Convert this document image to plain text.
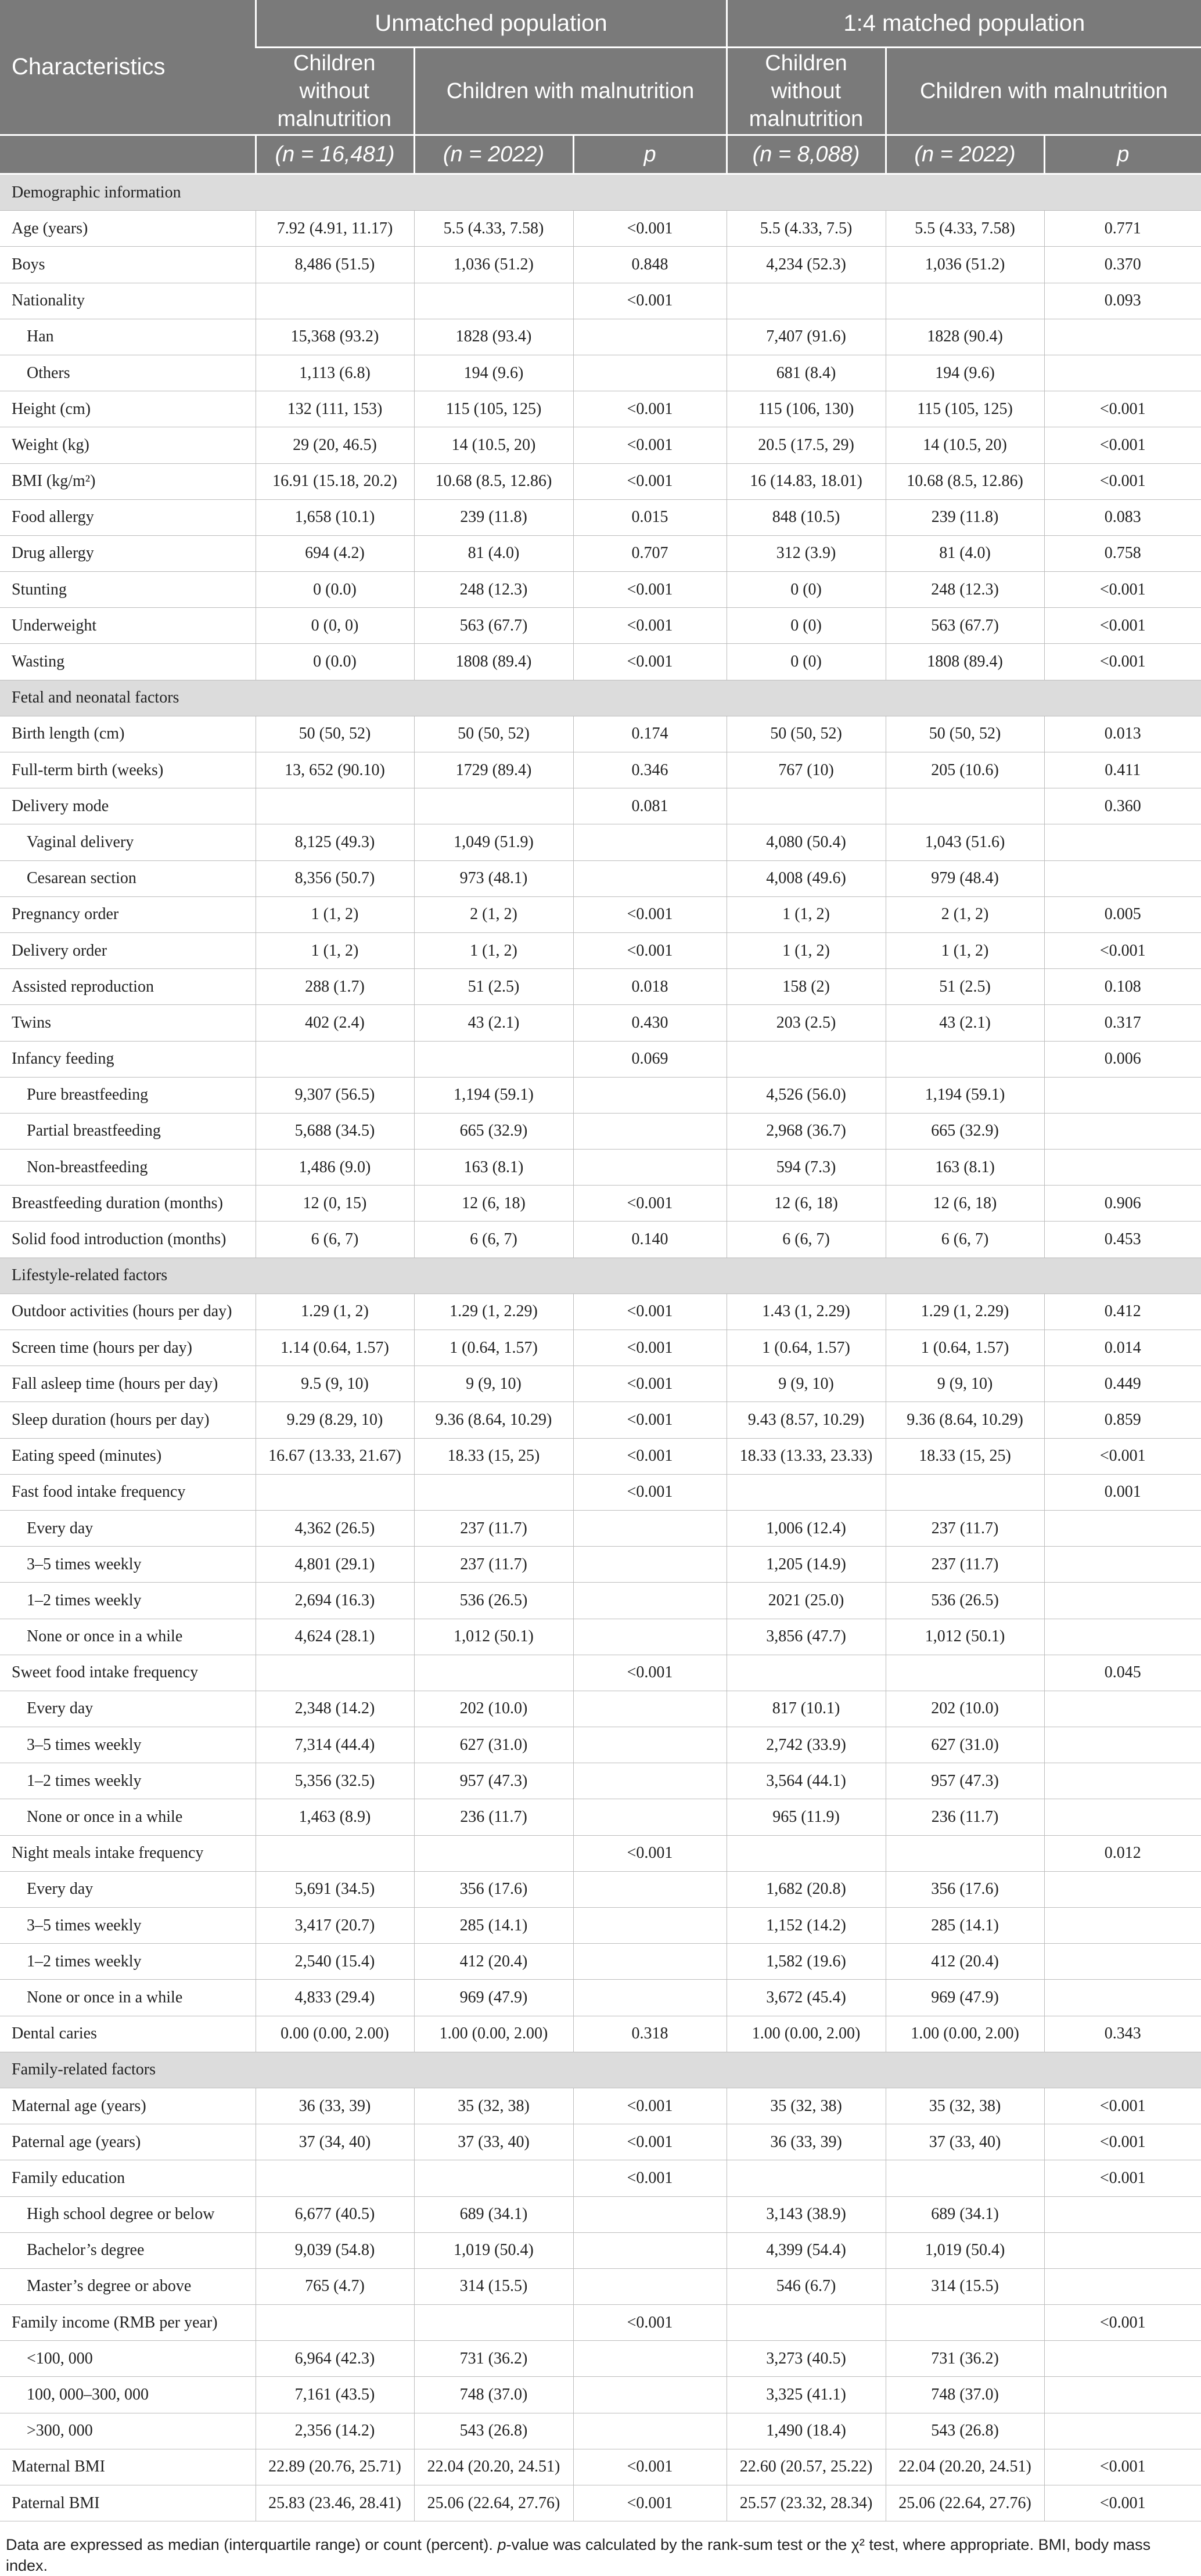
Characteristics	Unmatched population			1:4 matched population		
	Children without malnutrition	Children with malnutrition		Children without malnutrition	Children with malnutrition	
	(n = 16,481)	(n = 2022)	p	(n = 8,088)	(n = 2022)	p
Demographic information						
Age (years)	7.92 (4.91, 11.17)	5.5 (4.33, 7.58)	<0.001	5.5 (4.33, 7.5)	5.5 (4.33, 7.58)	0.771
Boys	8,486 (51.5)	1,036 (51.2)	0.848	4,234 (52.3)	1,036 (51.2)	0.370
Nationality			<0.001			0.093
Han	15,368 (93.2)	1828 (93.4)		7,407 (91.6)	1828 (90.4)	
Others	1,113 (6.8)	194 (9.6)		681 (8.4)	194 (9.6)	
Height (cm)	132 (111, 153)	115 (105, 125)	<0.001	115 (106, 130)	115 (105, 125)	<0.001
Weight (kg)	29 (20, 46.5)	14 (10.5, 20)	<0.001	20.5 (17.5, 29)	14 (10.5, 20)	<0.001
BMI (kg/m²)	16.91 (15.18, 20.2)	10.68 (8.5, 12.86)	<0.001	16 (14.83, 18.01)	10.68 (8.5, 12.86)	<0.001
Food allergy	1,658 (10.1)	239 (11.8)	0.015	848 (10.5)	239 (11.8)	0.083
Drug allergy	694 (4.2)	81 (4.0)	0.707	312 (3.9)	81 (4.0)	0.758
Stunting	0 (0.0)	248 (12.3)	<0.001	0 (0)	248 (12.3)	<0.001
Underweight	0 (0, 0)	563 (67.7)	<0.001	0 (0)	563 (67.7)	<0.001
Wasting	0 (0.0)	1808 (89.4)	<0.001	0 (0)	1808 (89.4)	<0.001
Fetal and neonatal factors						
Birth length (cm)	50 (50, 52)	50 (50, 52)	0.174	50 (50, 52)	50 (50, 52)	0.013
Full-term birth (weeks)	13, 652 (90.10)	1729 (89.4)	0.346	767 (10)	205 (10.6)	0.411
Delivery mode			0.081			0.360
Vaginal delivery	8,125 (49.3)	1,049 (51.9)		4,080 (50.4)	1,043 (51.6)	
Cesarean section	8,356 (50.7)	973 (48.1)		4,008 (49.6)	979 (48.4)	
Pregnancy order	1 (1, 2)	2 (1, 2)	<0.001	1 (1, 2)	2 (1, 2)	0.005
Delivery order	1 (1, 2)	1 (1, 2)	<0.001	1 (1, 2)	1 (1, 2)	<0.001
Assisted reproduction	288 (1.7)	51 (2.5)	0.018	158 (2)	51 (2.5)	0.108
Twins	402 (2.4)	43 (2.1)	0.430	203 (2.5)	43 (2.1)	0.317
Infancy feeding			0.069			0.006
Pure breastfeeding	9,307 (56.5)	1,194 (59.1)		4,526 (56.0)	1,194 (59.1)	
Partial breastfeeding	5,688 (34.5)	665 (32.9)		2,968 (36.7)	665 (32.9)	
Non-breastfeeding	1,486 (9.0)	163 (8.1)		594 (7.3)	163 (8.1)	
Breastfeeding duration (months)	12 (0, 15)	12 (6, 18)	<0.001	12 (6, 18)	12 (6, 18)	0.906
Solid food introduction (months)	6 (6, 7)	6 (6, 7)	0.140	6 (6, 7)	6 (6, 7)	0.453
Lifestyle-related factors						
Outdoor activities (hours per day)	1.29 (1, 2)	1.29 (1, 2.29)	<0.001	1.43 (1, 2.29)	1.29 (1, 2.29)	0.412
Screen time (hours per day)	1.14 (0.64, 1.57)	1 (0.64, 1.57)	<0.001	1 (0.64, 1.57)	1 (0.64, 1.57)	0.014
Fall asleep time (hours per day)	9.5 (9, 10)	9 (9, 10)	<0.001	9 (9, 10)	9 (9, 10)	0.449
Sleep duration (hours per day)	9.29 (8.29, 10)	9.36 (8.64, 10.29)	<0.001	9.43 (8.57, 10.29)	9.36 (8.64, 10.29)	0.859
Eating speed (minutes)	16.67 (13.33, 21.67)	18.33 (15, 25)	<0.001	18.33 (13.33, 23.33)	18.33 (15, 25)	<0.001
Fast food intake frequency			<0.001			0.001
Every day	4,362 (26.5)	237 (11.7)		1,006 (12.4)	237 (11.7)	
3–5 times weekly	4,801 (29.1)	237 (11.7)		1,205 (14.9)	237 (11.7)	
1–2 times weekly	2,694 (16.3)	536 (26.5)		2021 (25.0)	536 (26.5)	
None or once in a while	4,624 (28.1)	1,012 (50.1)		3,856 (47.7)	1,012 (50.1)	
Sweet food intake frequency			<0.001			0.045
Every day	2,348 (14.2)	202 (10.0)		817 (10.1)	202 (10.0)	
3–5 times weekly	7,314 (44.4)	627 (31.0)		2,742 (33.9)	627 (31.0)	
1–2 times weekly	5,356 (32.5)	957 (47.3)		3,564 (44.1)	957 (47.3)	
None or once in a while	1,463 (8.9)	236 (11.7)		965 (11.9)	236 (11.7)	
Night meals intake frequency			<0.001			0.012
Every day	5,691 (34.5)	356 (17.6)		1,682 (20.8)	356 (17.6)	
3–5 times weekly	3,417 (20.7)	285 (14.1)		1,152 (14.2)	285 (14.1)	
1–2 times weekly	2,540 (15.4)	412 (20.4)		1,582 (19.6)	412 (20.4)	
None or once in a while	4,833 (29.4)	969 (47.9)		3,672 (45.4)	969 (47.9)	
Dental caries	0.00 (0.00, 2.00)	1.00 (0.00, 2.00)	0.318	1.00 (0.00, 2.00)	1.00 (0.00, 2.00)	0.343
Family-related factors						
Maternal age (years)	36 (33, 39)	35 (32, 38)	<0.001	35 (32, 38)	35 (32, 38)	<0.001
Paternal age (years)	37 (34, 40)	37 (33, 40)	<0.001	36 (33, 39)	37 (33, 40)	<0.001
Family education			<0.001			<0.001
High school degree or below	6,677 (40.5)	689 (34.1)		3,143 (38.9)	689 (34.1)	
Bachelor’s degree	9,039 (54.8)	1,019 (50.4)		4,399 (54.4)	1,019 (50.4)	
Master’s degree or above	765 (4.7)	314 (15.5)		546 (6.7)	314 (15.5)	
Family income (RMB per year)			<0.001			<0.001
<100, 000	6,964 (42.3)	731 (36.2)		3,273 (40.5)	731 (36.2)	
100, 000–300, 000	7,161 (43.5)	748 (37.0)		3,325 (41.1)	748 (37.0)	
>300, 000	2,356 (14.2)	543 (26.8)		1,490 (18.4)	543 (26.8)	
Maternal BMI	22.89 (20.76, 25.71)	22.04 (20.20, 24.51)	<0.001	22.60 (20.57, 25.22)	22.04 (20.20, 24.51)	<0.001
Paternal BMI	25.83 (23.46, 28.41)	25.06 (22.64, 27.76)	<0.001	25.57 (23.32, 28.34)	25.06 (22.64, 27.76)	<0.001
Data are expressed as median (interquartile range) or count (percent). p-value was calculated by the rank-sum test or the χ² test, where appropriate. BMI, body mass index.
